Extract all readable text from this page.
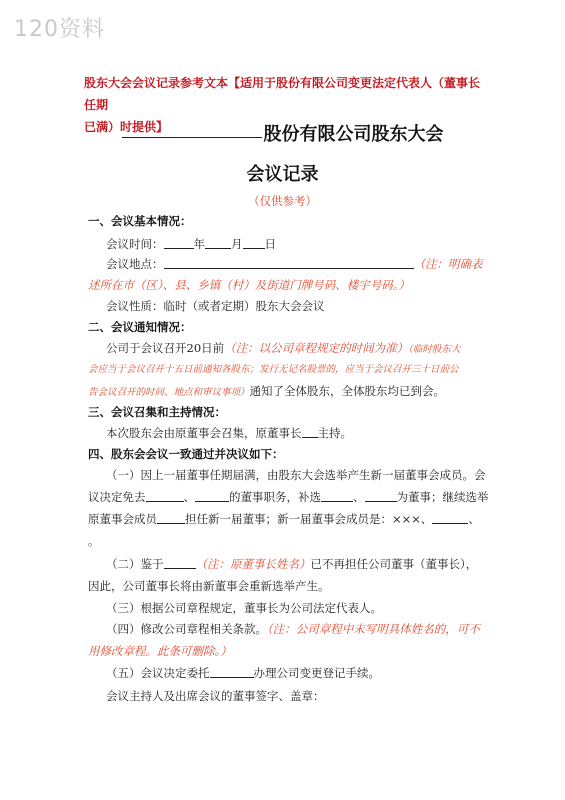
120资料
股东大会会议记录参考文本【适用于股份有限公司变更法定代表人（董事长任期
已满）时提供】	股份有限公司股东大会
会议记录
（仅供参考）
一、会议基本情况：
会议时间：	年 月 日
会议地点：	（注：明确表
述所在市（区）、县、乡镇（村）及街道门牌号码、楼宇号码。）
会议性质：临时（或者定期）股东大会会议
二、会议通知情况：
公司于会议召开20日前（注：以公司章程规定的时间为准）（临时股东大
会应当于会议召开十五日前通知各股东；发行无记名股票的，应当于会议召开三十日前公
告会议召开的时间、地点和审议事项）通知了全体股东，全体股东均已到会。
三、会议召集和主持情况：
本次股东会由原董事会召集，原董事长 主持。
四、股东会会议一致通过并决议如下：
（一）因上一届董事任期届满，由股东大会选举产生新一届董事会成员。会
议决定免去	、	的董事职务，补选	、	为董事；继续选举
原董事会成员 担任新一届董事；新一届董事会成员是：×××、	、
。
（二）鉴于	（注：原董事长姓名）已不再担任公司董事（董事长），
因此，公司董事长将由新董事会重新选举产生。
（三）根据公司章程规定，董事长为公司法定代表人。
（四）修改公司章程相关条款。（注：公司章程中未写明具体姓名的，可不
用修改章程。此条可删除。）
（五）会议决定委托	办理公司变更登记手续。
会议主持人及出席会议的董事签字、盖章：
